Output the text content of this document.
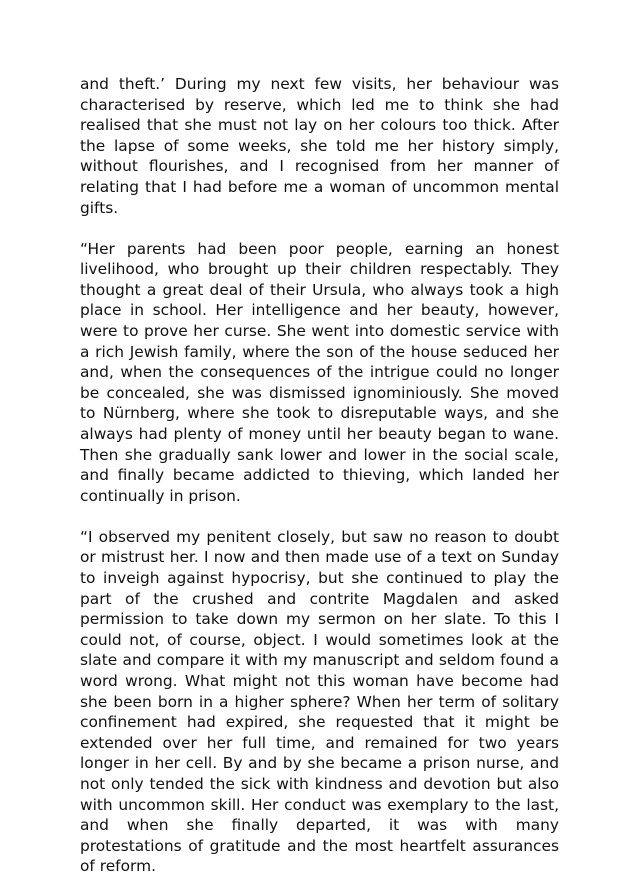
and theft.’ During my next few visits, her behaviour was characterised by reserve, which led me to think she had realised that she must not lay on her colours too thick. After the lapse of some weeks, she told me her history simply, without flourishes, and I recognised from her manner of relating that I had before me a woman of uncommon mental gifts.

“Her parents had been poor people, earning an honest livelihood, who brought up their children respectably. They thought a great deal of their Ursula, who always took a high place in school. Her intelligence and her beauty, however, were to prove her curse. She went into domestic service with a rich Jewish family, where the son of the house seduced her and, when the consequences of the intrigue could no longer be concealed, she was dismissed ignominiously. She moved to Nürnberg, where she took to disreputable ways, and she always had plenty of money until her beauty began to wane. Then she gradually sank lower and lower in the social scale, and finally became addicted to thieving, which landed her continually in prison.

“I observed my penitent closely, but saw no reason to doubt or mistrust her. I now and then made use of a text on Sunday to inveigh against hypocrisy, but she continued to play the part of the crushed and contrite Magdalen and asked permission to take down my sermon on her slate. To this I could not, of course, object. I would sometimes look at the slate and compare it with my manuscript and seldom found a word wrong. What might not this woman have become had she been born in a higher sphere? When her term of solitary confinement had expired, she requested that it might be extended over her full time, and remained for two years longer in her cell. By and by she became a prison nurse, and not only tended the sick with kindness and devotion but also with uncommon skill. Her conduct was exemplary to the last, and when she finally departed, it was with many protestations of gratitude and the most heartfelt assurances of reform.
